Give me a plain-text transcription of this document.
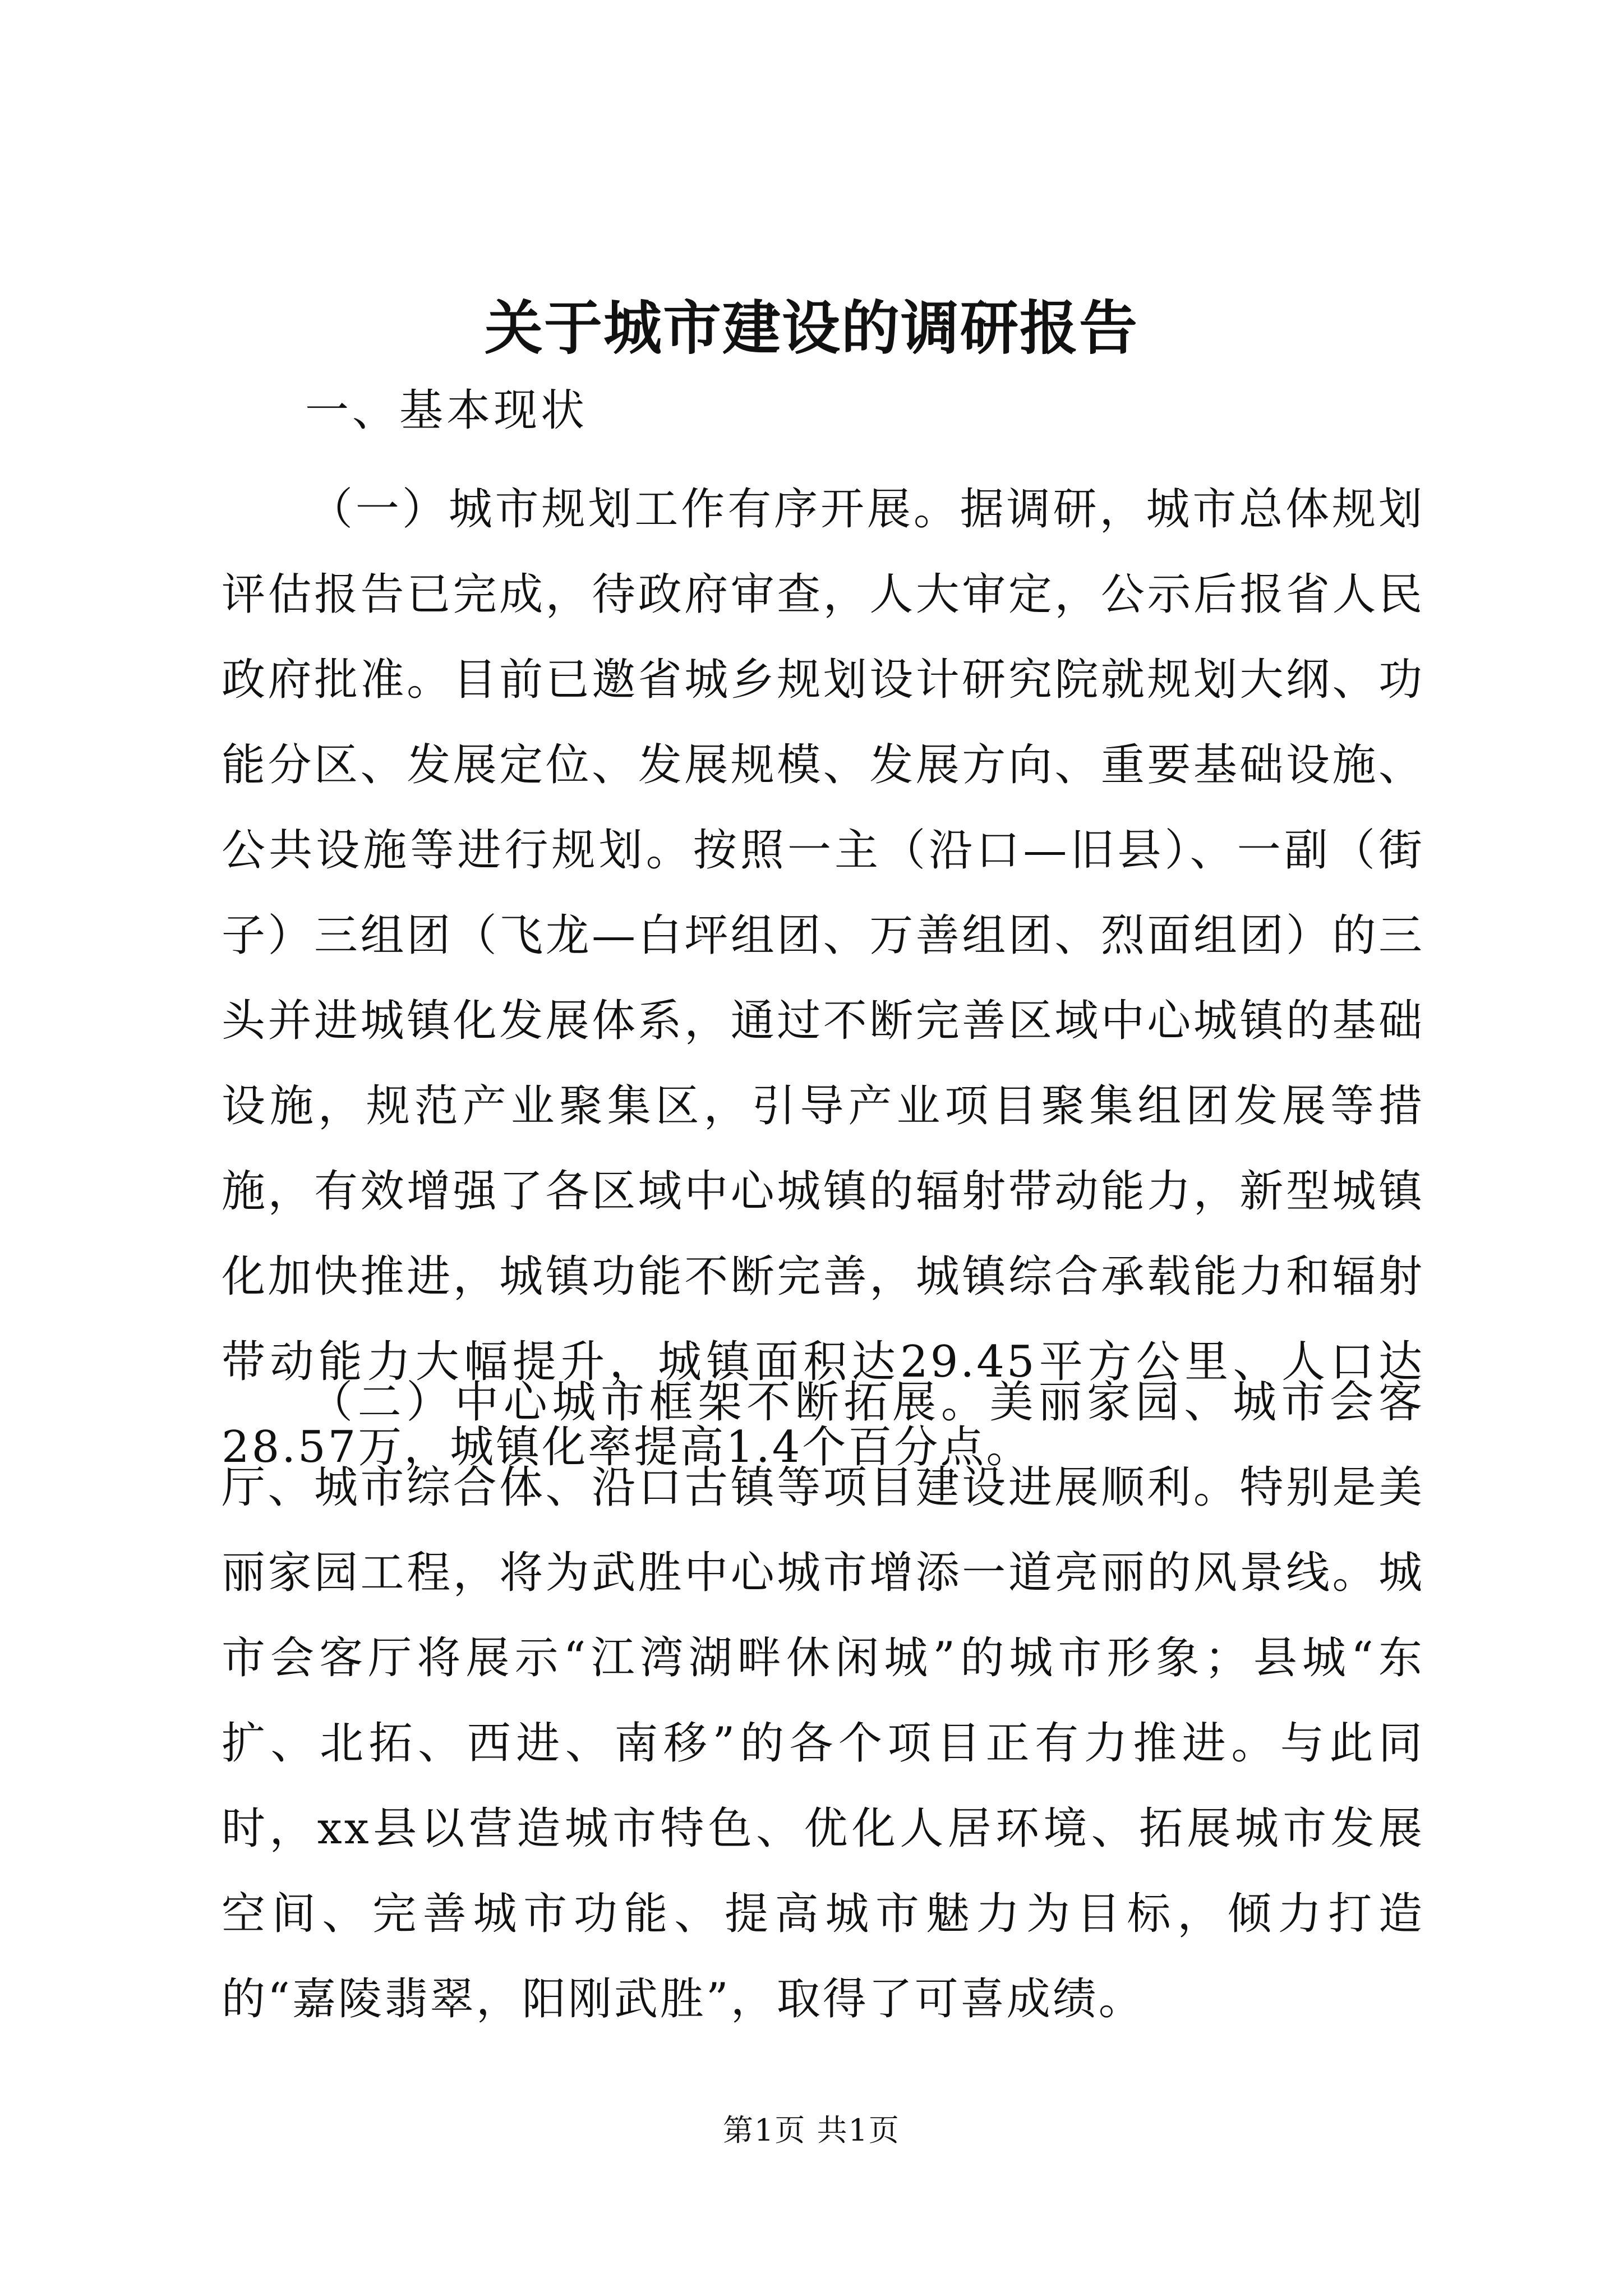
关于城市建设的调研报告

一、基本现状

（一）城市规划工作有序开展。据调研，城市总体规划评估报告已完成，待政府审查，人大审定，公示后报省人民政府批准。目前已邀省城乡规划设计研究院就规划大纲、功能分区、发展定位、发展规模、发展方向、重要基础设施、公共设施等进行规划。按照一主（沿口—旧县）、一副（街子）三组团（飞龙—白坪组团、万善组团、烈面组团）的三头并进城镇化发展体系，通过不断完善区域中心城镇的基础设施，规范产业聚集区，引导产业项目聚集组团发展等措施，有效增强了各区域中心城镇的辐射带动能力，新型城镇化加快推进，城镇功能不断完善，城镇综合承载能力和辐射带动能力大幅提升，城镇面积达29.45平方公里、人口达28.57万，城镇化率提高1.4个百分点。

（二）中心城市框架不断拓展。美丽家园、城市会客厅、城市综合体、沿口古镇等项目建设进展顺利。特别是美丽家园工程，将为武胜中心城市增添一道亮丽的风景线。城市会客厅将展示“江湾湖畔休闲城”的城市形象；县城“东扩、北拓、西进、南移”的各个项目正有力推进。与此同时，xx县以营造城市特色、优化人居环境、拓展城市发展空间、完善城市功能、提高城市魅力为目标，倾力打造的“嘉陵翡翠，阳刚武胜”，取得了可喜成绩。

第1页 共1页
